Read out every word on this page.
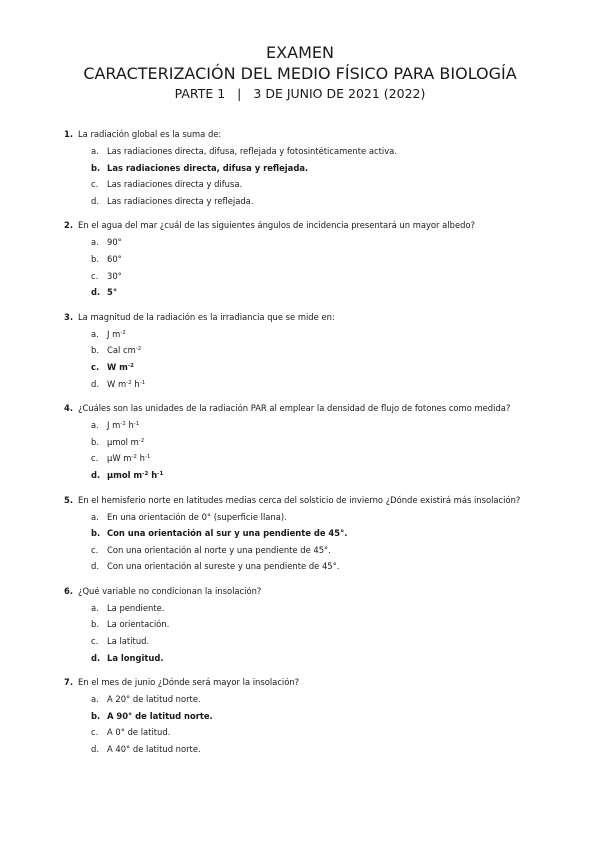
EXAMEN
CARACTERIZACIÓN DEL MEDIO FÍSICO PARA BIOLOGÍA
PARTE 1 | 3 DE JUNIO DE 2021 (2022)
1. La radiación global es la suma de:
a. Las radiaciones directa, difusa, reflejada y fotosintéticamente activa.
b. Las radiaciones directa, difusa y reflejada.
c.	Las radiaciones directa y difusa.
d. Las radiaciones directa y reflejada.
2. En el agua del mar ¿cuál de las siguientes ángulos de incidencia presentará un mayor albedo?
a. 90°
b. 60°
c.	30°
d. 5°
3. La magnitud de la radiación es la irradiancia que se mide en:
a. J $m^{-2}$
b. Cal $cm^{-2}$
c. W $m^{-2}$
d. W $m^{-2}$ $h^{-1}$
4. ¿Cuáles son las unidades de la radiación PAR al emplear la densidad de flujo de fotones como medida?
a. J $m^{-2}$ $h^{-1}$
b. µmol $m^{-2}$
c.	µW $m^{-2}$ $h^{-1}$
d. µmol $m^{-2}$ $h^{-1}$
5. En el hemisferio norte en latitudes medias cerca del solsticio de invierno ¿Dónde existirá más insolación?
a. En una orientación de 0° (superficie llana).
b. Con una orientación al sur y una pendiente de 45°.
c.	Con una orientación al norte y una pendiente de 45°.
d. Con una orientación al sureste y una pendiente de 45°.
6. ¿Qué variable no condicionan la insolación?
a. La pendiente.
b. La orientación.
c.	La latitud.
d. La longitud.
7. En el mes de junio ¿Dónde será mayor la insolación?
a. A 20° de latitud norte.
b. A 90° de latitud norte.
c.	A 0° de latitud.
d. A 40° de latitud norte.
